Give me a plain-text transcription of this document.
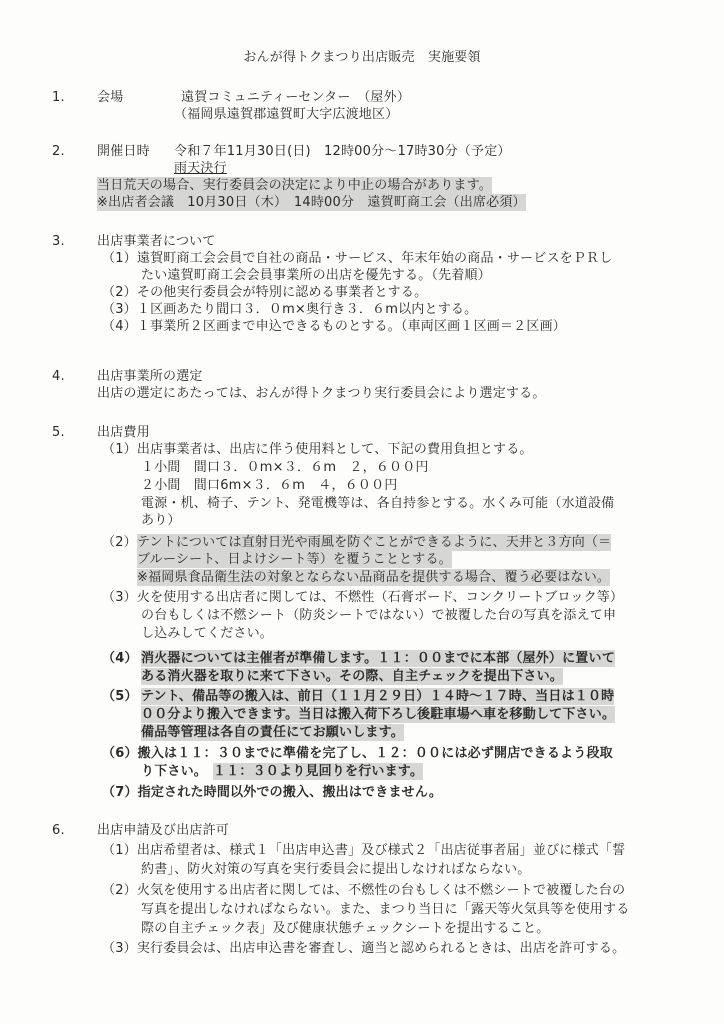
おんが得トクまつり出店販売　実施要領
1. 会場	遠賀コミュニティーセンター　（屋外）
（福岡県遠賀郡遠賀町大字広渡地区）
2. 開催日時 令和７年11月30日(日)　12時00分～17時30分（予定）
雨天決行
当日荒天の場合、実行委員会の決定により中止の場合があります。
※出店者会議　10月30日（木）　14時00分　遠賀町商工会（出席必須）
3. 出店事業者について
（1）遠賀町商工会会員で自社の商品・サービス、年末年始の商品・サービスをＰＲし
たい遠賀町商工会会員事業所の出店を優先する。（先着順）
（2）その他実行委員会が特別に認める事業者とする。
（3）１区画あたり間口３．０m×奥行き３．６m以内とする。
（4）１事業所２区画まで申込できるものとする。（車両区画１区画＝２区画）
4. 出店事業所の選定
出店の選定にあたっては、おんが得トクまつり実行委員会により選定する。
5. 出店費用
（1）出店事業者は、出店に伴う使用料として、下記の費用負担とする。
１小間　間口３．０m×３．６m　２，６００円
２小間　間口6m×３．６m　４，６００円
電源・机、椅子、テント、発電機等は、各自持参とする。水くみ可能（水道設備
あり）
（2） テントについては直射日光や雨風を防ぐことができるように、天井と３方向（＝
ブルーシート、日よけシート等）を覆うこととする。
※福岡県食品衛生法の対象とならない品商品を提供する場合、覆う必要はない。
（3）火を使用する出店者に関しては、不燃性（石膏ボード、コンクリートブロック等）
の台もしくは不燃シート（防炎シートではない）で被覆した台の写真を添えて申
し込みしてください。
（4） 消火器については主催者が準備します。１１：００までに本部（屋外）に置いて
ある消火器を取りに来て下さい。その際、自主チェックを提出下さい。
（5） テント、備品等の搬入は、前日（１１月２９日）１４時～１７時、当日は１０時
００分より搬入できます。当日は搬入荷下ろし後駐車場へ車を移動して下さい。
備品等管理は各自の責任にてお願いします。
（6）搬入は１１：３０までに準備を完了し、１２：００には必ず開店できるよう段取
り下さい。 １１：３０より見回りを行います。
（7）指定された時間以外での搬入、搬出はできません。
6. 出店申請及び出店許可
（1）出店希望者は、様式１「出店申込書」及び様式２「出店従事者届」並びに様式「誓
約書」、防火対策の写真を実行委員会に提出しなければならない。
（2）火気を使用する出店者に関しては、不燃性の台もしくは不燃シートで被覆した台の
写真を提出しなければならない。また、まつり当日に「露天等火気具等を使用する
際の自主チェック表」及び健康状態チェックシートを提出すること。
（3）実行委員会は、出店申込書を審査し、適当と認められるときは、出店を許可する。
